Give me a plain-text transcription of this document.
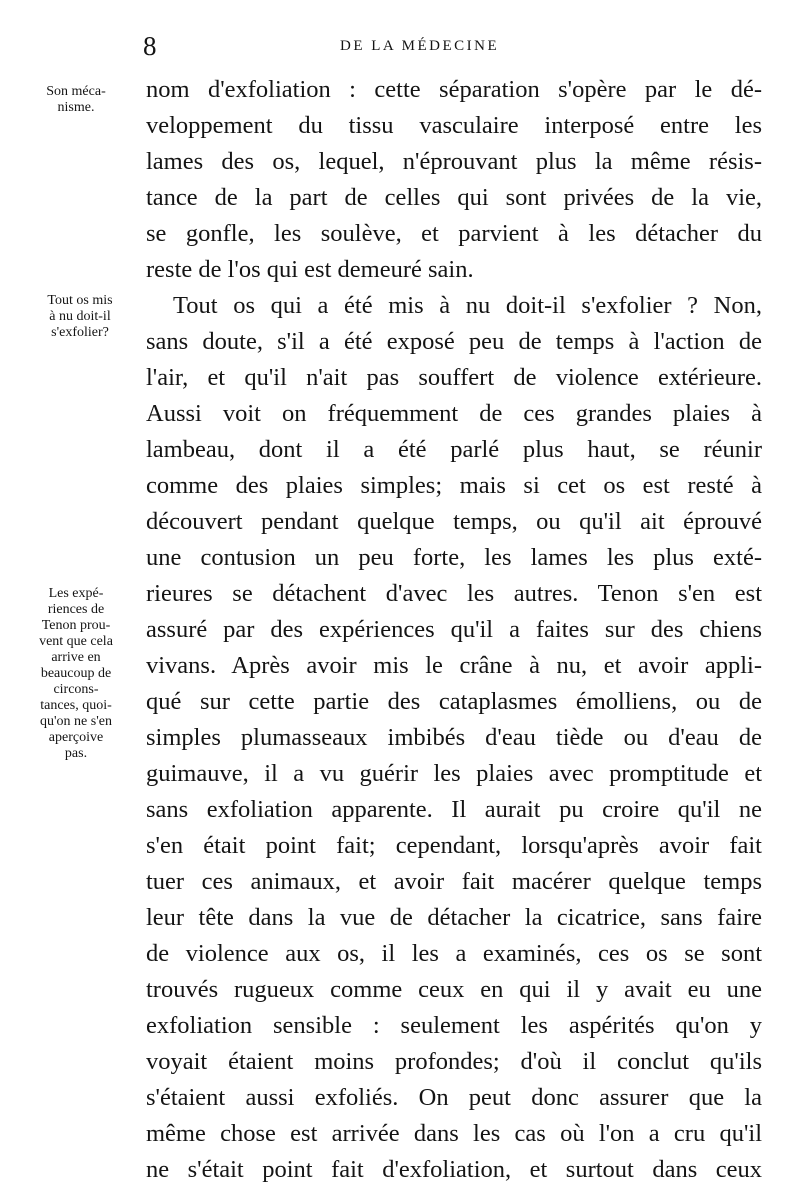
8	DE LA MÉDECINE
Son méca-
nisme.
Tout os mis
à nu doit-il
s'exfolier?
Les expé-
riences de
Tenon prou-
vent que cela
arrive en
beaucoup de
circons-
tances, quoi-
qu'on ne s'en
aperçoive
pas.
nom d'exfoliation : cette séparation s'opère par le dé-
veloppement du tissu vasculaire interposé entre les
lames des os, lequel, n'éprouvant plus la même résis-
tance de la part de celles qui sont privées de la vie,
se gonfle, les soulève, et parvient à les détacher du
reste de l'os qui est demeuré sain.
Tout os qui a été mis à nu doit-il s'exfolier ? Non,
sans doute, s'il a été exposé peu de temps à l'action de
l'air, et qu'il n'ait pas souffert de violence extérieure.
Aussi voit on fréquemment de ces grandes plaies à
lambeau, dont il a été parlé plus haut, se réunir
comme des plaies simples; mais si cet os est resté à
découvert pendant quelque temps, ou qu'il ait éprouvé
une contusion un peu forte, les lames les plus exté-
rieures se détachent d'avec les autres. Tenon s'en est
assuré par des expériences qu'il a faites sur des chiens
vivans. Après avoir mis le crâne à nu, et avoir appli-
qué sur cette partie des cataplasmes émolliens, ou de
simples plumasseaux imbibés d'eau tiède ou d'eau de
guimauve, il a vu guérir les plaies avec promptitude et
sans exfoliation apparente. Il aurait pu croire qu'il ne
s'en était point fait; cependant, lorsqu'après avoir fait
tuer ces animaux, et avoir fait macérer quelque temps
leur tête dans la vue de détacher la cicatrice, sans faire
de violence aux os, il les a examinés, ces os se sont
trouvés rugueux comme ceux en qui il y avait eu une
exfoliation sensible : seulement les aspérités qu'on y
voyait étaient moins profondes; d'où il conclut qu'ils
s'étaient aussi exfoliés. On peut donc assurer que la
même chose est arrivée dans les cas où l'on a cru qu'il
ne s'était point fait d'exfoliation, et surtout dans ceux
